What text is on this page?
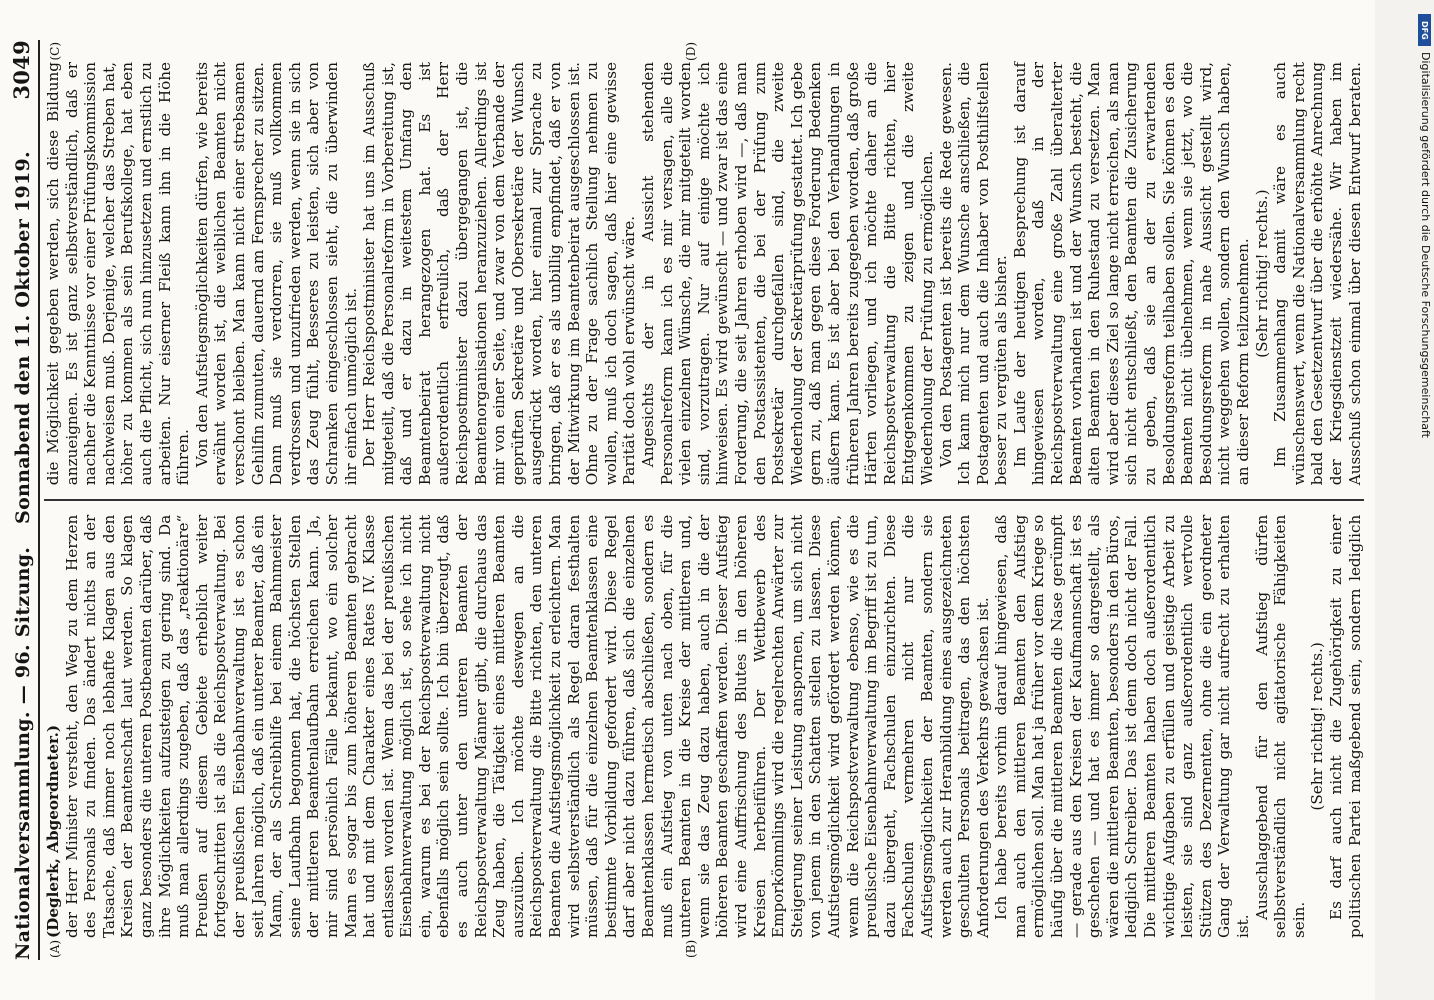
Nationalversammlung. — 96. Sitzung.
Sonnabend den 11. Oktober 1919.
3049
(A)	(B)
(C)	(D)

(Deglerk, Abgeordneter.) der Herr Minister versteht, den Weg zu dem Herzen des Personals zu finden. Das ändert nichts an der Tatsache, daß immer noch lebhafte Klagen aus den Kreisen der Beamtenschaft laut werden. So klagen ganz besonders die unteren Postbeamten darüber, daß ihre Möglichkeiten aufzusteigen zu gering sind. Da muß man allerdings zugeben, daß das „reaktionäre“ Preußen auf diesem Gebiete erheblich weiter fortgeschritten ist als die Reichspostverwaltung. Bei der preußischen Eisenbahnverwaltung ist es schon seit Jahren möglich, daß ein unterer Beamter, daß ein Mann, der als Schreibhilfe bei einem Bahnmeister seine Laufbahn begonnen hat, die höchsten Stellen der mittleren Beamtenlaufbahn erreichen kann. Ja, mir sind persönlich Fälle bekannt, wo ein solcher Mann es sogar bis zum höheren Beamten gebracht hat und mit dem Charakter eines Rates IV. Klasse entlassen worden ist. Wenn das bei der preußischen Eisenbahnverwaltung möglich ist, so sehe ich nicht ein, warum es bei der Reichspostverwaltung nicht ebenfalls möglich sein sollte. Ich bin überzeugt, daß es auch unter den unteren Beamten der Reichspostverwaltung Männer gibt, die durchaus das Zeug haben, die Tätigkeit eines mittleren Beamten auszuüben. Ich möchte deswegen an die Reichspostverwaltung die Bitte richten, den unteren Beamten die Aufstiegsmöglichkeit zu erleichtern. Man wird selbstverständlich als Regel daran festhalten müssen, daß für die einzelnen Beamtenklassen eine bestimmte Vorbildung gefordert wird. Diese Regel darf aber nicht dazu führen, daß sich die einzelnen Beamtenklassen hermetisch abschließen, sondern es muß ein Aufstieg von unten nach oben, für die unteren Beamten in die Kreise der mittleren und, wenn sie das Zeug dazu haben, auch in die der höheren Beamten geschaffen werden. Dieser Aufstieg wird eine Auffrischung des Blutes in den höheren Kreisen herbeiführen. Der Wettbewerb des Emporkömmlings wird die regelrechten Anwärter zur Steigerung seiner Leistung anspornen, um sich nicht von jenem in den Schatten stellen zu lassen. Diese Aufstiegsmöglichkeit wird gefördert werden können, wenn die Reichspostverwaltung ebenso, wie es die preußische Eisenbahnverwaltung im Begriff ist zu tun, dazu übergeht, Fachschulen einzurichten. Diese Fachschulen vermehren nicht nur die Aufstiegsmöglichkeiten der Beamten, sondern sie werden auch zur Heranbildung eines ausgezeichneten geschulten Personals beitragen, das den höchsten Anforderungen des Verkehrs gewachsen ist. Ich habe bereits vorhin darauf hingewiesen, daß man auch den mittleren Beamten den Aufstieg ermöglichen soll. Man hat ja früher vor dem Kriege so häufig über die mittleren Beamten die Nase gerümpft — gerade aus den Kreisen der Kaufmannschaft ist es geschehen — und hat es immer so dargestellt, als wären die mittleren Beamten, besonders in den Büros, lediglich Schreiber. Das ist denn doch nicht der Fall. Die mittleren Beamten haben doch außerordentlich wichtige Aufgaben zu erfüllen und geistige Arbeit zu leisten, sie sind ganz außerordentlich wertvolle Stützen des Dezernenten, ohne die ein geordneter Gang der Verwaltung gar nicht aufrecht zu erhalten ist.

Ausschlaggebend für den Aufstieg dürfen selbstverständlich nicht agitatorische Fähigkeiten sein.

(Sehr richtig! rechts.)

Es darf auch nicht die Zugehörigkeit zu einer politischen Partei maßgebend sein, sondern lediglich

die Möglichkeit gegeben werden, sich diese Bildung anzueignen. Es ist ganz selbstverständlich, daß er nachher die Kenntnisse vor einer Prüfungskommission nachweisen muß. Derjenige, welcher das Streben hat, höher zu kommen als sein Berufskollege, hat eben auch die Pflicht, sich nun hinzusetzen und ernstlich zu arbeiten. Nur eiserner Fleiß kann ihn in die Höhe führen. Von den Aufstiegsmöglichkeiten dürfen, wie bereits erwähnt worden ist, die weiblichen Beamten nicht verschont bleiben. Man kann nicht einer strebsamen Gehilfin zumuten, dauernd am Fernsprecher zu sitzen. Dann muß sie verdorren, sie muß vollkommen verdrossen und unzufrieden werden, wenn sie in sich das Zeug fühlt, Besseres zu leisten, sich aber von Schranken eingeschlossen sieht, die zu überwinden ihr einfach unmöglich ist. Der Herr Reichspostminister hat uns im Ausschuß mitgeteilt, daß die Personalreform in Vorbereitung ist, daß und er dazu in weitestem Umfang den Beamtenbeirat herangezogen hat. Es ist außerordentlich erfreulich, daß der Herr Reichspostminister dazu übergegangen ist, die Beamtenorganisationen heranzuziehen. Allerdings ist mir von einer Seite, und zwar von dem Verbande der geprüften Sekretäre und Obersekretäre der Wunsch ausgedrückt worden, hier einmal zur Sprache zu bringen, daß er es als unbillig empfindet, daß er von der Mitwirkung im Beamtenbeirat ausgeschlossen ist. Ohne zu der Frage sachlich Stellung nehmen zu wollen, muß ich doch sagen, daß hier eine gewisse Parität doch wohl erwünscht wäre. Angesichts der in Aussicht stehenden Personalreform kann ich es mir versagen, alle die vielen einzelnen Wünsche, die mir mitgeteilt worden sind, vorzutragen. Nur auf einige möchte ich hinweisen. Es wird gewünscht — und zwar ist das eine Forderung, die seit Jahren erhoben wird —, daß man den Postassistenten, die bei der Prüfung zum Postsekretär durchgefallen sind, die zweite Wiederholung der Sekretärprüfung gestattet. Ich gebe gern zu, daß man gegen diese Forderung Bedenken äußern kann. Es ist aber bei den Verhandlungen in früheren Jahren bereits zugegeben worden, daß große Härten vorliegen, und ich möchte daher an die Reichspostverwaltung die Bitte richten, hier Entgegenkommen zu zeigen und die zweite Wiederholung der Prüfung zu ermöglichen. Von den Postagenten ist bereits die Rede gewesen. Ich kann mich nur dem Wunsche anschließen, die Postagenten und auch die Inhaber von Posthilfstellen besser zu vergüten als bisher. Im Laufe der heutigen Besprechung ist darauf hingewiesen worden, daß in der Reichspostverwaltung eine große Zahl überalterter Beamten vorhanden ist und der Wunsch besteht, die alten Beamten in den Ruhestand zu versetzen. Man wird aber dieses Ziel so lange nicht erreichen, als man sich nicht entschließt, den Beamten die Zusicherung zu geben, daß sie an der zu erwartenden Besoldungsreform teilhaben sollen. Sie können es den Beamten nicht übelnehmen, wenn sie jetzt, wo die Besoldungsreform in nahe Aussicht gestellt wird, nicht weggehen wollen, sondern den Wunsch haben, an dieser Reform teilzunehmen. (Sehr richtig! rechts.)

Im Zusammenhang damit wäre es auch wünschenswert, wenn die Nationalversammlung recht bald den Gesetzentwurf über die erhöhte Anrechnung der Kriegsdienstzeit wiedersähe. Wir haben im Ausschuß schon einmal über diesen Entwurf beraten.

DFG
Digitalisierung gefördert durch die Deutsche Forschungsgemeinschaft
